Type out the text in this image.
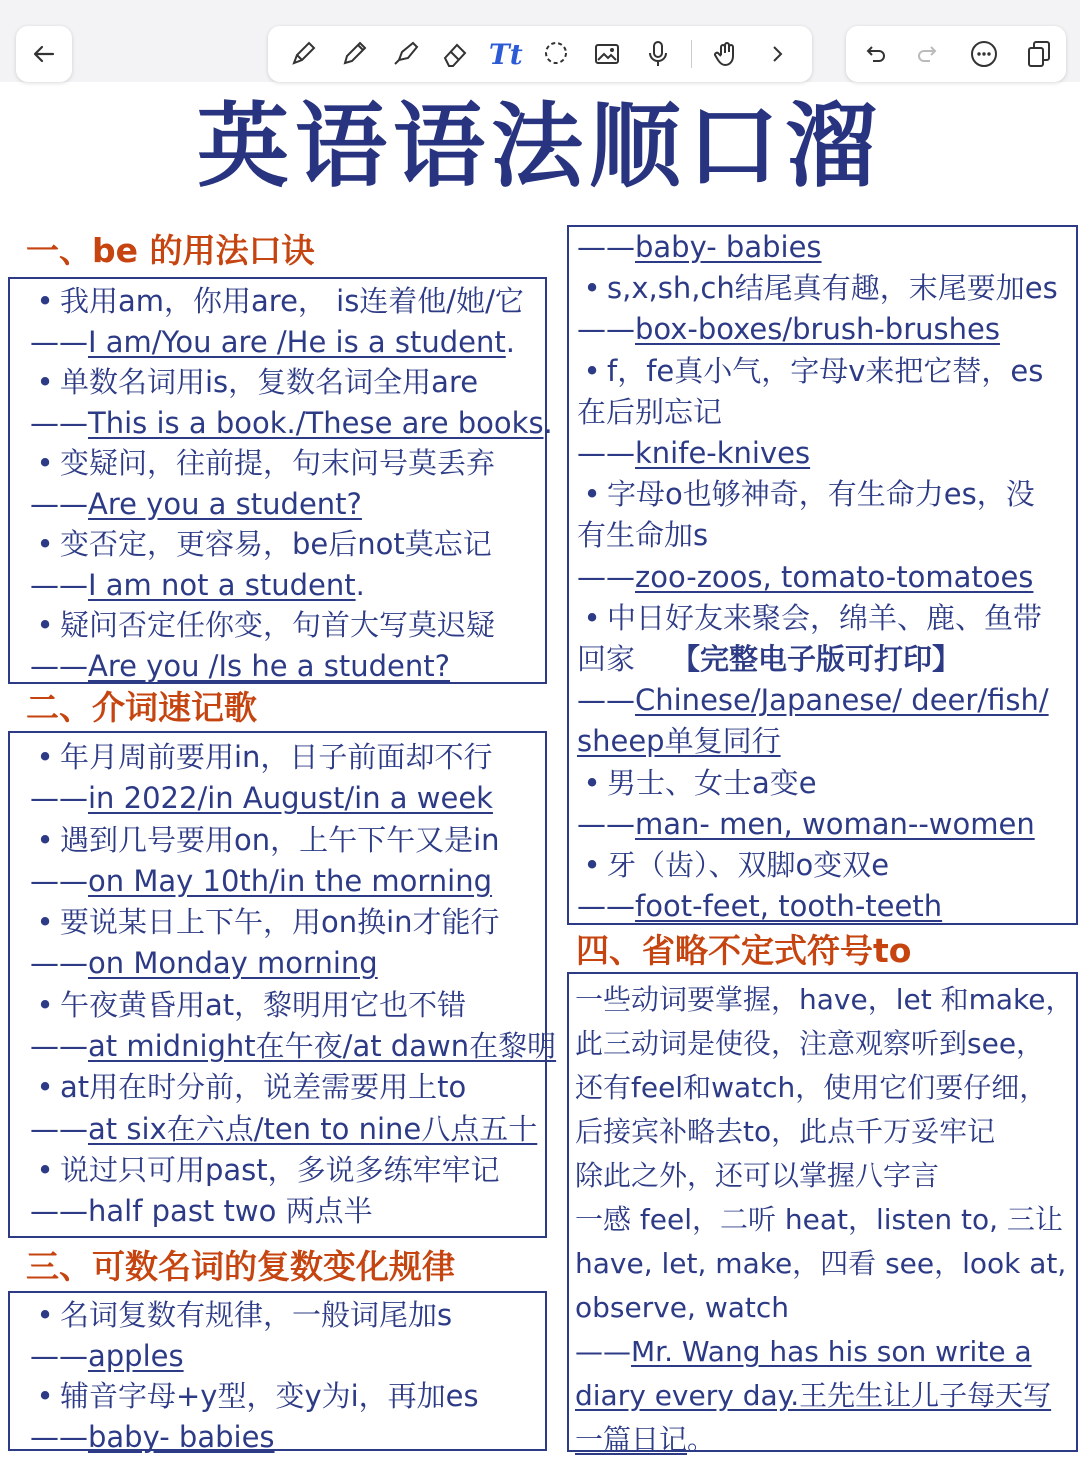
Tt
英语语法顺口溜
一、be 的用法口诀
二、介词速记歌
三、可数名词的复数变化规律
四、省略不定式符号to
• 我用am，你用are， is连着他/她/它
——I am/You are /He is a student.
• 单数名词用is，复数名词全用are
——This is a book./These are books.
• 变疑问，往前提，句末问号莫丢弃
——Are you a student?
• 变否定，更容易，be后not莫忘记
——I am not a student.
• 疑问否定任你变，句首大写莫迟疑
——Are you /Is he a student?
• 年月周前要用in，日子前面却不行
——in 2022/in August/in a week
• 遇到几号要用on，上午下午又是in
——on May 10th/in the morning
• 要说某日上下午，用on换in才能行
——on Monday morning
• 午夜黄昏用at，黎明用它也不错
——at midnight在午夜/at dawn在黎明
• at用在时分前，说差需要用上to
——at six在六点/ten to nine八点五十
• 说过只可用past，多说多练牢牢记
——half past two 两点半
• 名词复数有规律，一般词尾加s
——apples
• 辅音字母+y型，变y为i，再加es
——baby- babies
——baby- babies
• s,x,sh,ch结尾真有趣，末尾要加es
——box-boxes/brush-brushes
• f，fe真小气，字母v来把它替，es
在后别忘记
——knife-knives
• 字母o也够神奇，有生命力es，没
有生命加s
——zoo-zoos, tomato-tomatoes
• 中日好友来聚会，绵羊、鹿、鱼带
回家 【完整电子版可打印】
——Chinese/Japanese/ deer/fish/
sheep单复同行
• 男士、女士a变e
——man- men, woman--women
• 牙（齿）、双脚o变双e
——foot-feet, tooth-teeth
一些动词要掌握，have，let 和make，
此三动词是使役，注意观察听到see，
还有feel和watch，使用它们要仔细，
后接宾补略去to，此点千万妥牢记
除此之外，还可以掌握八字言
一感 feel，二听 heat，listen to, 三让
have, let, make，四看 see，look at,
observe, watch
——Mr. Wang has his son write a
diary every day.王先生让儿子每天写
一篇日记。
